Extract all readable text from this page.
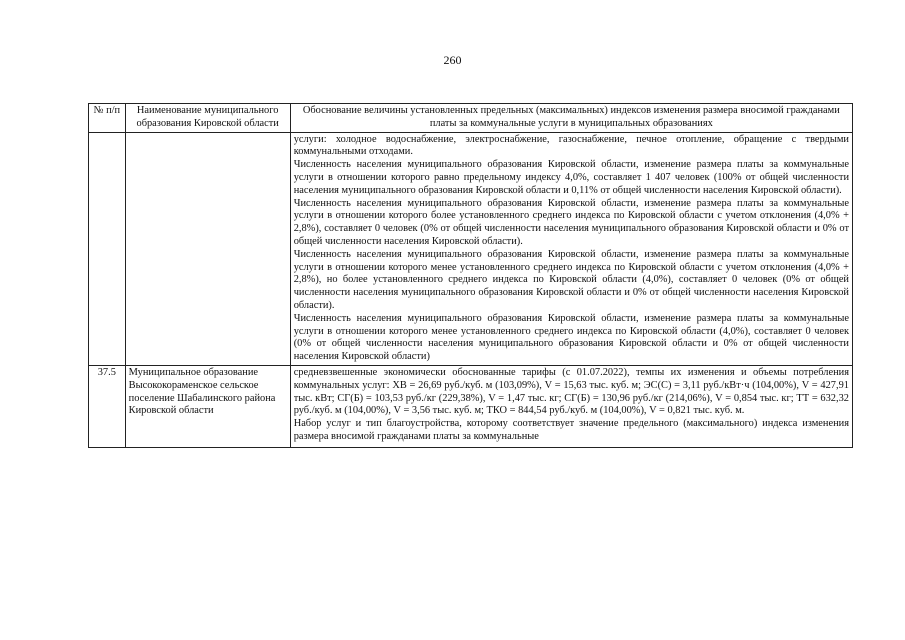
260
№ п/п	Наименование муниципального образования Кировской области	Обоснование величины установленных предельных (максимальных) индексов изменения размера вносимой гражданами платы за коммунальные услуги в муниципальных образованиях

		услуги: холодное водоснабжение, электроснабжение, газоснабжение, печное отопление, обращение с твердыми коммунальными отходами.

Численность населения муниципального образования Кировской области, изменение размера платы за коммунальные услуги в отношении которого равно предельному индексу 4,0%, составляет 1 407 человек (100% от общей численности населения муниципального образования Кировской области и 0,11% от общей численности населения Кировской области).

Численность населения муниципального образования Кировской области, изменение размера платы за коммунальные услуги в отношении которого более установленного среднего индекса по Кировской области с учетом отклонения (4,0% + 2,8%), составляет 0 человек (0% от общей численности населения муниципального образования Кировской области и 0% от общей численности населения Кировской области).

Численность населения муниципального образования Кировской области, изменение размера платы за коммунальные услуги в отношении которого менее установленного среднего индекса по Кировской области с учетом отклонения (4,0% + 2,8%), но более установленного среднего индекса по Кировской области (4,0%), составляет 0 человек (0% от общей численности населения муниципального образования Кировской области и 0% от общей численности населения Кировской области).

Численность населения муниципального образования Кировской области, изменение размера платы за коммунальные услуги в отношении которого менее установленного среднего индекса по Кировской области (4,0%), составляет 0 человек (0% от общей численности населения муниципального образования Кировской области и 0% от общей численности населения Кировской области)

37.5	Муниципальное образование Высококораменское сельское поселение Шабалинского района Кировской области	средневзвешенные экономически обоснованные тарифы (с 01.07.2022), темпы их изменения и объемы потребления коммунальных услуг: ХВ = 26,69 руб./куб. м (103,09%), V = 15,63 тыс. куб. м; ЭС(С) = 3,11 руб./кВт·ч (104,00%), V = 427,91 тыс. кВт; СГ(Б) = 103,53 руб./кг (229,38%), V = 1,47 тыс. кг; СГ(Б) = 130,96 руб./кг (214,06%), V = 0,854 тыс. кг; ТТ = 632,32 руб./куб. м (104,00%), V = 3,56 тыс. куб. м; ТКО = 844,54 руб./куб. м (104,00%), V = 0,821 тыс. куб. м.

Набор услуг и тип благоустройства, которому соответствует значение предельного (максимального) индекса изменения размера вносимой гражданами платы за коммунальные
